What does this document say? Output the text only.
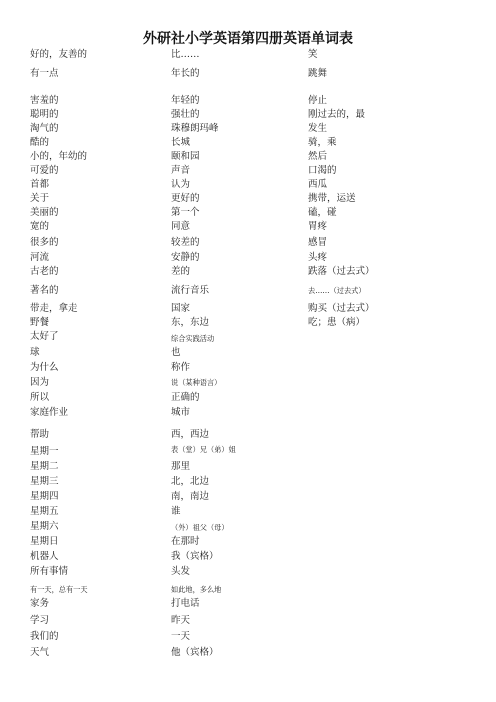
外研社小学英语第四册英语单词表
好的，友善的
有一点
害羞的
聪明的
淘气的
酷的
小的，年幼的
可爱的
首都
关于
美丽的
宽的
很多的
河流
古老的
著名的
带走，拿走
野餐
太好了
球
为什么
因为
所以
家庭作业
帮助
星期一
星期二
星期三
星期四
星期五
星期六
星期日
机器人
所有事情
有一天，总有一天
家务
学习
我们的
天气
比……
年长的
年轻的
强壮的
珠穆朗玛峰
长城
颐和园
声音
认为
更好的
第一个
同意
较差的
安静的
差的
流行音乐
国家
东，东边
综合实践活动
也
称作
说（某种语言）
正确的
城市
西，西边
表（堂）兄（弟）姐
那里
北，北边
南，南边
谁
（外）祖父（母）
在那时
我（宾格）
头发
如此地，多么地
打电话
昨天
一天
他（宾格）
笑
跳舞
停止
刚过去的，最
发生
骑，乘
然后
口渴的
西瓜
携带，运送
磕，碰
胃疼
感冒
头疼
跌落（过去式）
去……（过去式）
购买（过去式）
吃；患（病）
